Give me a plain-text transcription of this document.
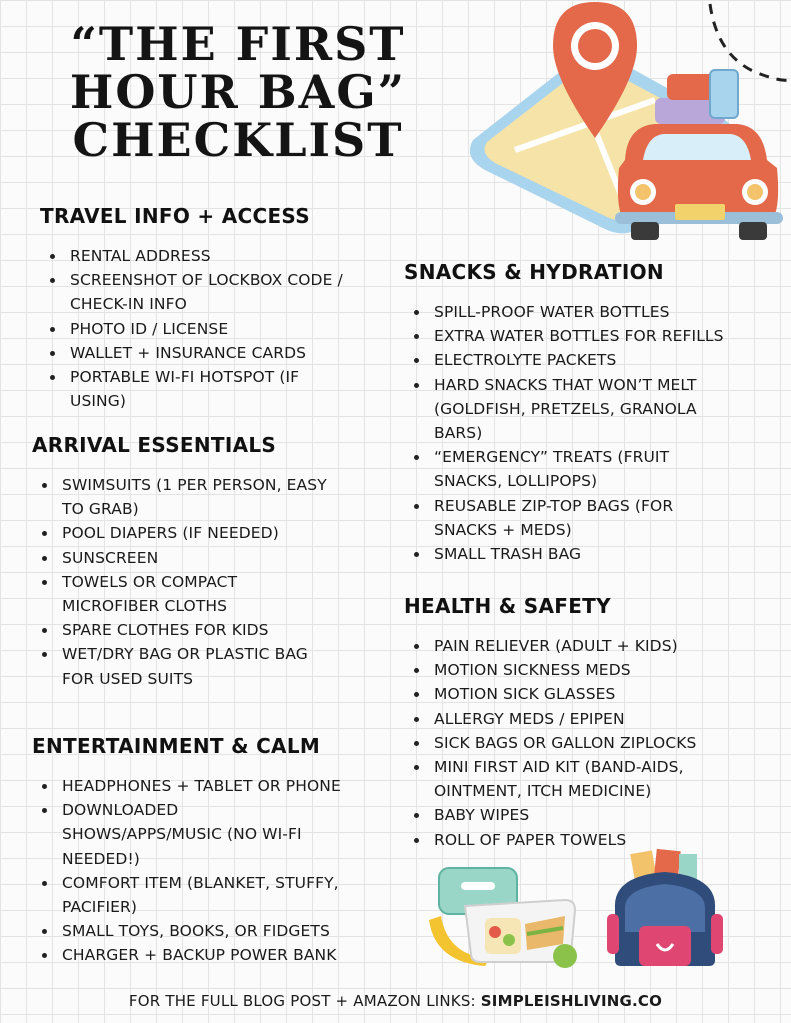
“THE FIRST
HOUR BAG”
CHECKLIST
TRAVEL INFO + ACCESS
RENTAL ADDRESS
SCREENSHOT OF LOCKBOX CODE /
CHECK-IN INFO
PHOTO ID / LICENSE
WALLET + INSURANCE CARDS
PORTABLE WI-FI HOTSPOT (IF
USING)
ARRIVAL ESSENTIALS
SWIMSUITS (1 PER PERSON, EASY
TO GRAB)
POOL DIAPERS (IF NEEDED)
SUNSCREEN
TOWELS OR COMPACT
MICROFIBER CLOTHS
SPARE CLOTHES FOR KIDS
WET/DRY BAG OR PLASTIC BAG
FOR USED SUITS
ENTERTAINMENT & CALM
HEADPHONES + TABLET OR PHONE
DOWNLOADED
SHOWS/APPS/MUSIC (NO WI-FI
NEEDED!)
COMFORT ITEM (BLANKET, STUFFY,
PACIFIER)
SMALL TOYS, BOOKS, OR FIDGETS
CHARGER + BACKUP POWER BANK
SNACKS & HYDRATION
SPILL-PROOF WATER BOTTLES
EXTRA WATER BOTTLES FOR REFILLS
ELECTROLYTE PACKETS
HARD SNACKS THAT WON’T MELT
(GOLDFISH, PRETZELS, GRANOLA
BARS)
“EMERGENCY” TREATS (FRUIT
SNACKS, LOLLIPOPS)
REUSABLE ZIP-TOP BAGS (FOR
SNACKS + MEDS)
SMALL TRASH BAG
HEALTH & SAFETY
PAIN RELIEVER (ADULT + KIDS)
MOTION SICKNESS MEDS
MOTION SICK GLASSES
ALLERGY MEDS / EPIPEN
SICK BAGS OR GALLON ZIPLOCKS
MINI FIRST AID KIT (BAND-AIDS,
OINTMENT, ITCH MEDICINE)
BABY WIPES
ROLL OF PAPER TOWELS
FOR THE FULL BLOG POST + AMAZON LINKS: SIMPLEISHLIVING.CO
